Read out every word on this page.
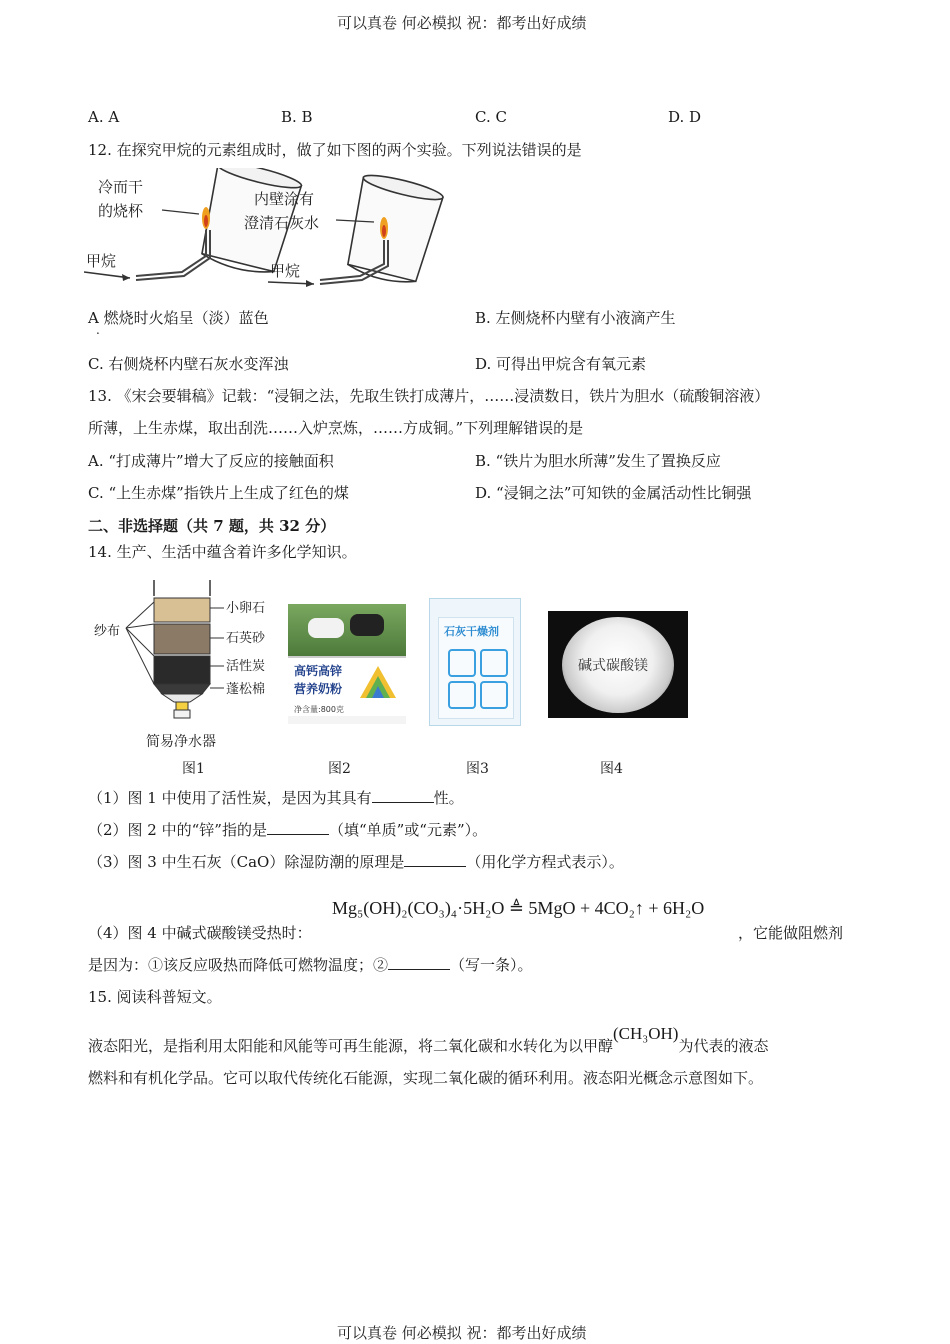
可以真卷 何必模拟 祝：都考出好成绩
A. A	B. B	C. C	D. D
12. 在探究甲烷的元素组成时，做了如下图的两个实验。下列说法错误的是
冷而干
的烧杯
甲烷
内壁涂有
澄清石灰水
甲烷
A 燃烧时火焰呈（淡）蓝色
.
B. 左侧烧杯内壁有小液滴产生
C. 右侧烧杯内壁石灰水变浑浊	D. 可得出甲烷含有氧元素
13. 《宋会要辑稿》记载：“浸铜之法，先取生铁打成薄片，……浸渍数日，铁片为胆水（硫酸铜溶液）
所薄，上生赤煤，取出刮洗……入炉烹炼，……方成铜。”下列理解错误的是
A. “打成薄片”增大了反应的接触面积	B. “铁片为胆水所薄”发生了置换反应
C. “上生赤煤”指铁片上生成了红色的煤	D. “浸铜之法”可知铁的金属活动性比铜强
二、非选择题（共 7 题，共 32 分）
14. 生产、生活中蕴含着许多化学知识。
小卵石
石英砂
活性炭
蓬松棉
纱布
简易净水器
图1
高钙高锌
营养奶粉
净含量:800克
图2
石灰干燥剂
图3
碱式碳酸镁
图4
（1）图 1 中使用了活性炭，是因为其具有	性。
（2）图 2 中的“锌”指的是	（填“单质”或“元素”）。
（3）图 3 中生石灰（CaO）除湿防潮的原理是	（用化学方程式表示）。
Mg₅(OH)₂(CO₃)₄·5H₂O ≜ 5MgO + 4CO₂↑ + 6H₂O
（4）图 4 中碱式碳酸镁受热时：	，它能做阻燃剂
是因为：①该反应吸热而降低可燃物温度；②	（写一条）。
15. 阅读科普短文。
液态阳光，是指利用太阳能和风能等可再生能源，将二氧化碳和水转化为以甲醇(CH₃OH)为代表的液态
燃料和有机化学品。它可以取代传统化石能源，实现二氧化碳的循环利用。液态阳光概念示意图如下。
可以真卷 何必模拟 祝：都考出好成绩
